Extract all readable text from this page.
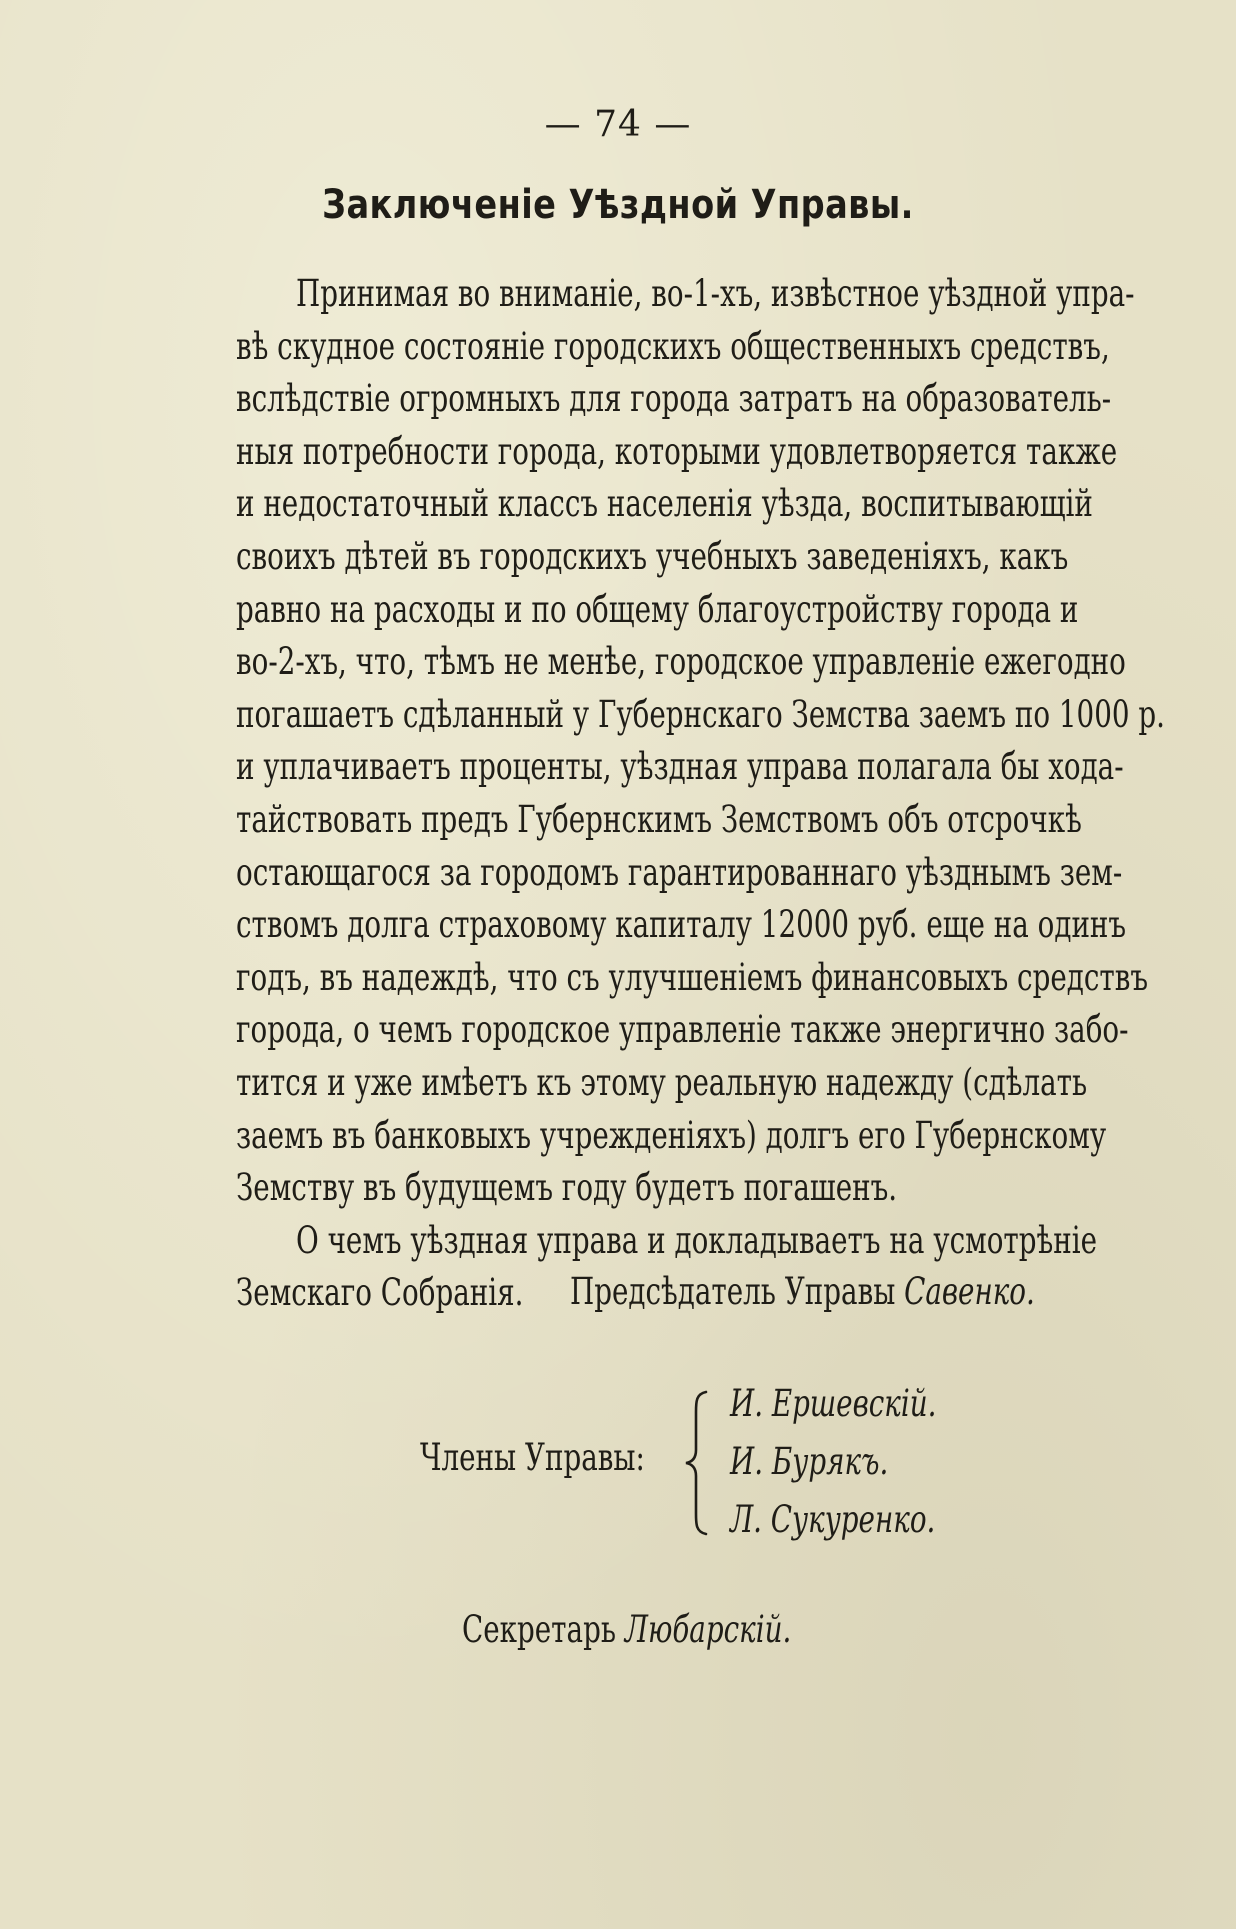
— 74 —
Заключеніе Уѣздной Управы.
Принимая во вниманіе, во-1-хъ, извѣстное уѣздной упра-
вѣ скудное состояніе городскихъ общественныхъ средствъ,
вслѣдствіе огромныхъ для города затратъ на образователь-
ныя потребности города, которыми удовлетворяется также
и недостаточный классъ населенія уѣзда, воспитывающій
своихъ дѣтей въ городскихъ учебныхъ заведеніяхъ, какъ
равно на расходы и по общему благоустройству города и
во-2-хъ, что, тѣмъ не менѣе, городское управленіе ежегодно
погашаетъ сдѣланный у Губернскаго Земства заемъ по 1000 р.
и уплачиваетъ проценты, уѣздная управа полагала бы хода-
тайствовать предъ Губернскимъ Земствомъ объ отсрочкѣ
остающагося за городомъ гарантированнаго уѣзднымъ зем-
ствомъ долга страховому капиталу 12000 руб. еще на одинъ
годъ, въ надеждѣ, что съ улучшеніемъ финансовыхъ средствъ
города, о чемъ городское управленіе также энергично забо-
тится и уже имѣетъ къ этому реальную надежду (сдѣлать
заемъ въ банковыхъ учрежденіяхъ) долгъ его Губернскому
Земству въ будущемъ году будетъ погашенъ.
О чемъ уѣздная управа и докладываетъ на усмотрѣніе
Земскаго Собранія.	Предсѣдатель Управы Савенко.
Члены Управы:
И. Ершевскій.
И. Бурякъ.
Л. Сукуренко.
Секретарь Любарскій.
